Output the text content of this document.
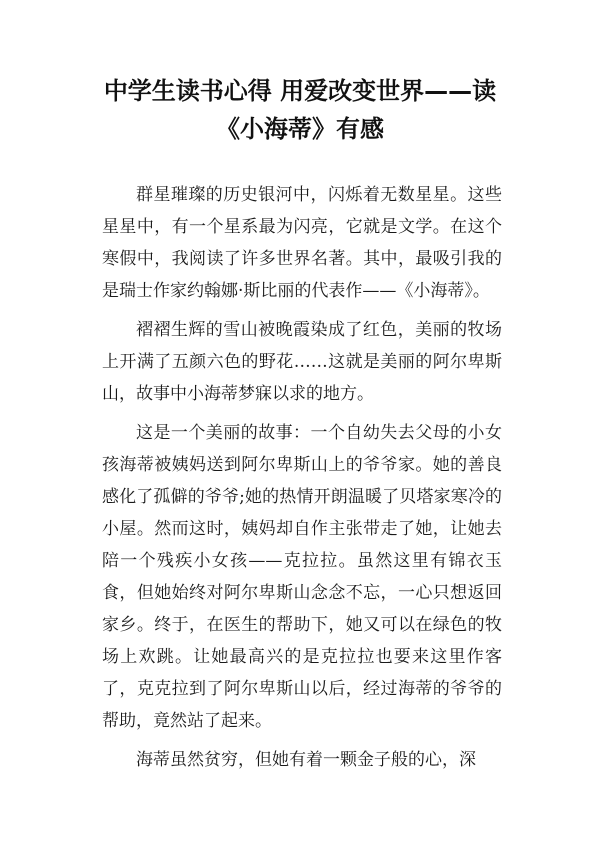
中学生读书心得 用爱改变世界——读《小海蒂》有感

群星璀璨的历史银河中，闪烁着无数星星。这些星星中，有一个星系最为闪亮，它就是文学。在这个寒假中，我阅读了许多世界名著。其中，最吸引我的是瑞士作家约翰娜·斯比丽的代表作——《小海蒂》。

褶褶生辉的雪山被晚霞染成了红色，美丽的牧场上开满了五颜六色的野花……这就是美丽的阿尔卑斯山，故事中小海蒂梦寐以求的地方。

这是一个美丽的故事：一个自幼失去父母的小女孩海蒂被姨妈送到阿尔卑斯山上的爷爷家。她的善良感化了孤僻的爷爷;她的热情开朗温暖了贝塔家寒冷的小屋。然而这时，姨妈却自作主张带走了她，让她去陪一个残疾小女孩——克拉拉。虽然这里有锦衣玉食，但她始终对阿尔卑斯山念念不忘，一心只想返回家乡。终于，在医生的帮助下，她又可以在绿色的牧场上欢跳。让她最高兴的是克拉拉也要来这里作客了，克克拉到了阿尔卑斯山以后，经过海蒂的爷爷的帮助，竟然站了起来。

海蒂虽然贫穷，但她有着一颗金子般的心，深
